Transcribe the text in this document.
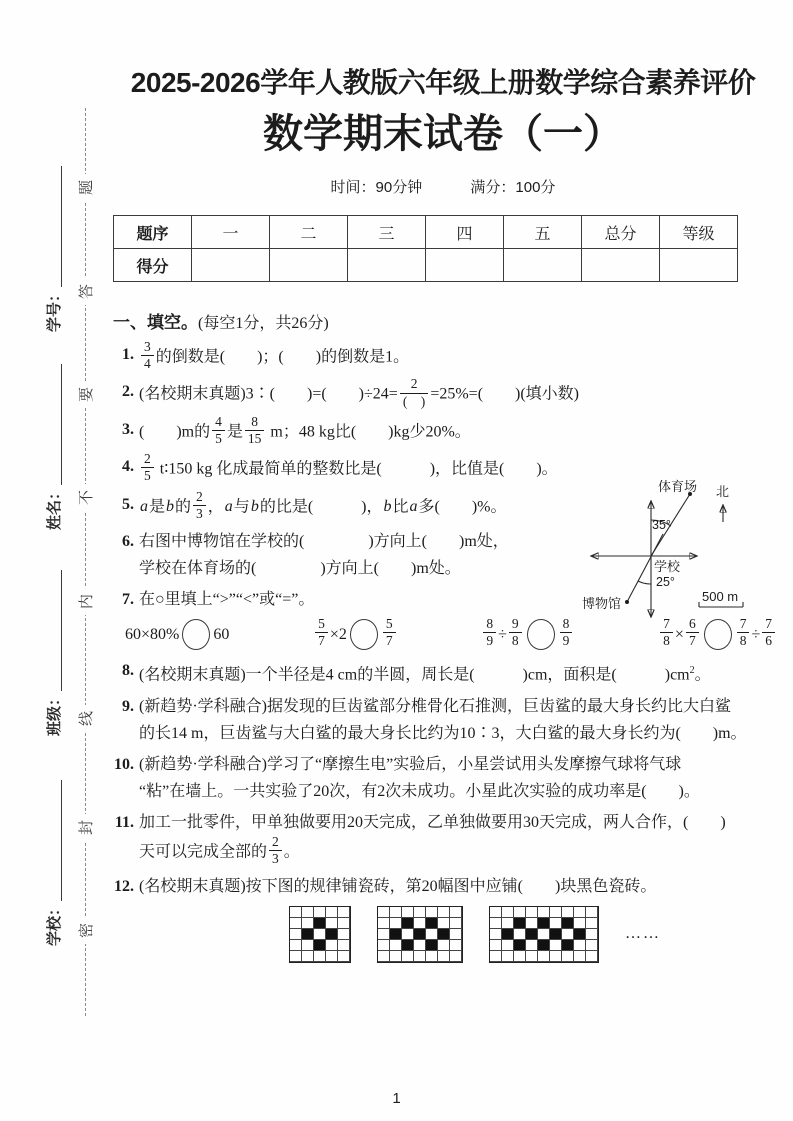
题
答
要
不
内
线
封
密
学号：
姓名：
班级：
学校：
2025-2026学年人教版六年级上册数学综合素养评价
数学期末试卷（一）
时间：90分钟	满分：100分
题序	一	二	三	四	五	总分	等级
得分							
一、填空。(每空1分，共26分)
1. $\frac{3}{4}$ 的倒数是(　　)；(　　)的倒数是1。
2. (名校期末真题)3∶(　　)=(　　)$\div 24= \frac{2}{( )} =25\%=$(　　)(填小数)
3. (　　)m的 $\frac{4}{5}$ 是 $\frac{8}{15}$ m；48 kg比(　　)kg少20%。
4. $\frac{2}{5}$ t∶150 kg 化成最简单的整数比是(　　　)，比值是(　　)。
5. a是b的 $\frac{2}{3}$ ，a与b的比是(　　　)，b比a多(　　)%。
6. 右图中博物馆在学校的(　　　　)方向上(　　)m处，
学校在体育场的(　　　　)方向上(　　)m处。
7. 在○里填上“>”“<”或“=”。
60×80% 60	$\frac{5}{7} \times 2$	$\frac{5}{7}$	$\frac{8}{9} \div \frac{9}{8}$	$\frac{8}{9}$	$\frac{7}{8} \times \frac{6}{7}$	$\frac{7}{8} \div \frac{7}{6}$
8. (名校期末真题)一个半径是4 cm的半圆，周长是(　　　)cm，面积是(　　　)$cm^2$。
9. (新趋势·学科融合)据发现的巨齿鲨部分椎骨化石推测，巨齿鲨的最大身长约比大白鲨
的长14 m，巨齿鲨与大白鲨的最大身长比约为10∶3，大白鲨的最大身长约为(　　)m。
10. (新趋势·学科融合)学习了“摩擦生电”实验后，小星尝试用头发摩擦气球将气球
“粘”在墙上。一共实验了20次，有2次未成功。小星此次实验的成功率是(　　)。
11. 加工一批零件，甲单独做要用20天完成，乙单独做要用30天完成，两人合作，(　　)
天可以完成全部的 $\frac{2}{3}$ 。
12. (名校期末真题)按下图的规律铺瓷砖，第20幅图中应铺(　　)块黑色瓷砖。
……
体育场 北
35°
学校
25°
博物馆	500 m
1
